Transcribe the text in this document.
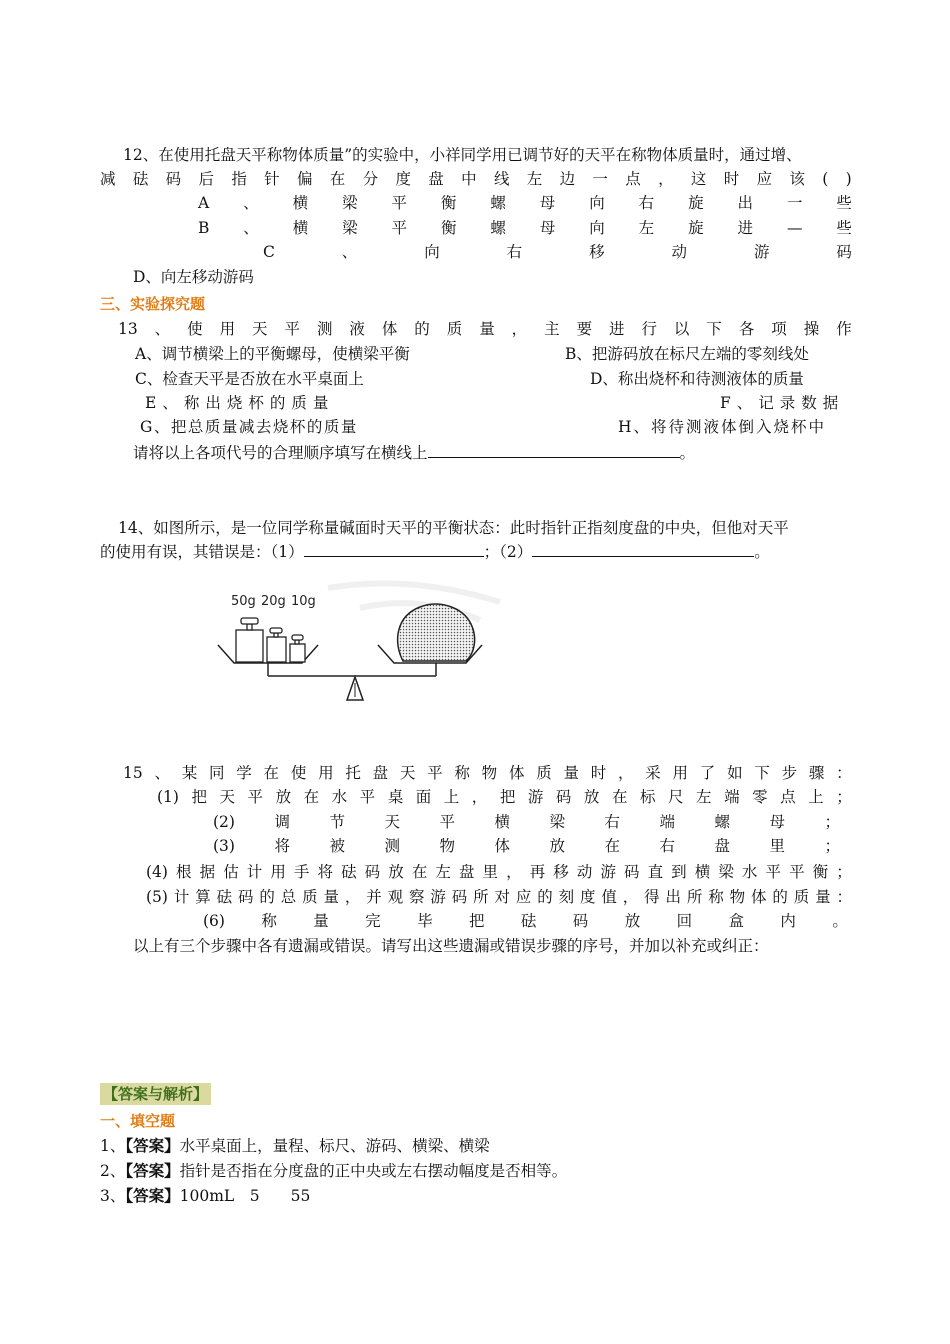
12、在使用托盘天平称物体质量”的实验中，小祥同学用已调节好的天平在称物体质量时，通过增、
减 砝 码 后 指 针 偏 在 分 度 盘 中 线 左 边 一 点 ， 这 时 应 该 ( )
A 、 横 梁 平 衡 螺 母 向 右 旋 出 一 些
B 、 横 梁 平 衡 螺 母 向 左 旋 进 — 些
C	、	向	右	移	动	游	码
D、向左移动游码
三、实验探究题
13 、 使 用 天 平 测 液 体 的 质 量 ， 主 要 进 行 以 下 各 项 操 作
A、调节横梁上的平衡螺母，使横梁平衡	B、把游码放在标尺左端的零刻线处
C、检查天平是否放在水平桌面上	D、称出烧杯和待测液体的质量
E、称出烧杯的质量	F、记录数据
G、把总质量减去烧杯的质量	H、将待测液体倒入烧杯中
请将以上各项代号的合理顺序填写在横线上	。
14、如图所示，是一位同学称量碱面时天平的平衡状态：此时指针正指刻度盘的中央，但他对天平
的使用有误，其错误是：（1）	；（2）	。
50g 20g 10g
15 、 某 同 学 在 使 用 托 盘 天 平 称 物 体 质 量 时 ， 采 用 了 如 下 步 骤 ：
(1) 把 天 平 放 在 水 平 桌 面 上 ， 把 游 码 放 在 标 尺 左 端 零 点 上 ；
(2)	调	节	天	平	横	梁	右	端	螺	母	；
(3)	将	被	测	物	体	放	在	右	盘	里	；
(4) 根 据 估 计 用 手 将 砝 码 放 在 左 盘 里 ， 再 移 动 游 码 直 到 横 梁 水 平 平 衡 ；
(5) 计 算 砝 码 的 总 质 量 ， 并 观 察 游 码 所 对 应 的 刻 度 值 ， 得 出 所 称 物 体 的 质 量 ：
(6) 称 量 完 毕 把 砝 码 放 回 盒 内 。
以上有三个步骤中各有遗漏或错误。请写出这些遗漏或错误步骤的序号，并加以补充或纠正：
【答案与解析】
一、填空题
1、【答案】水平桌面上，量程、标尺、游码、横梁、横梁
2、【答案】指针是否指在分度盘的正中央或左右摆动幅度是否相等。
3、【答案】100mL　5　　55
